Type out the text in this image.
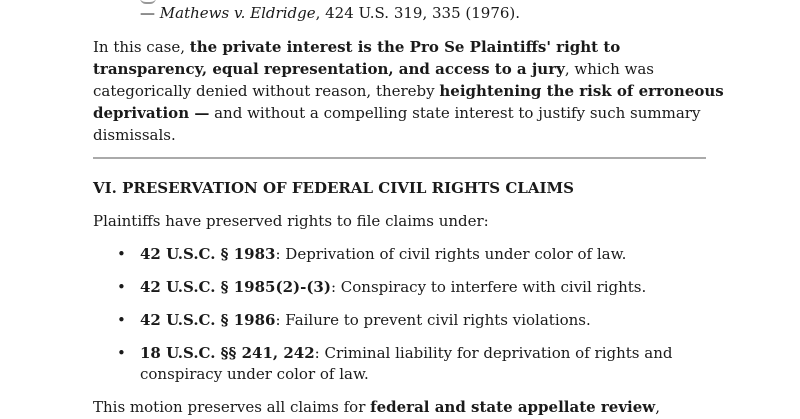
— Mathews v. Eldridge, 424 U.S. 319, 335 (1976).
In this case, the private interest is the Pro Se Plaintiffs' right to
transparency, equal representation, and access to a jury, which was
categorically denied without reason, thereby heightening the risk of erroneous
deprivation — and without a compelling state interest to justify such summary
dismissals.
VI. PRESERVATION OF FEDERAL CIVIL RIGHTS CLAIMS
Plaintiffs have preserved rights to file claims under:
• 42 U.S.C. § 1983: Deprivation of civil rights under color of law.
• 42 U.S.C. § 1985(2)-(3): Conspiracy to interfere with civil rights.
• 42 U.S.C. § 1986: Failure to prevent civil rights violations.
• 18 U.S.C. §§ 241, 242: Criminal liability for deprivation of rights and
conspiracy under color of law.
This motion preserves all claims for federal and state appellate review,
